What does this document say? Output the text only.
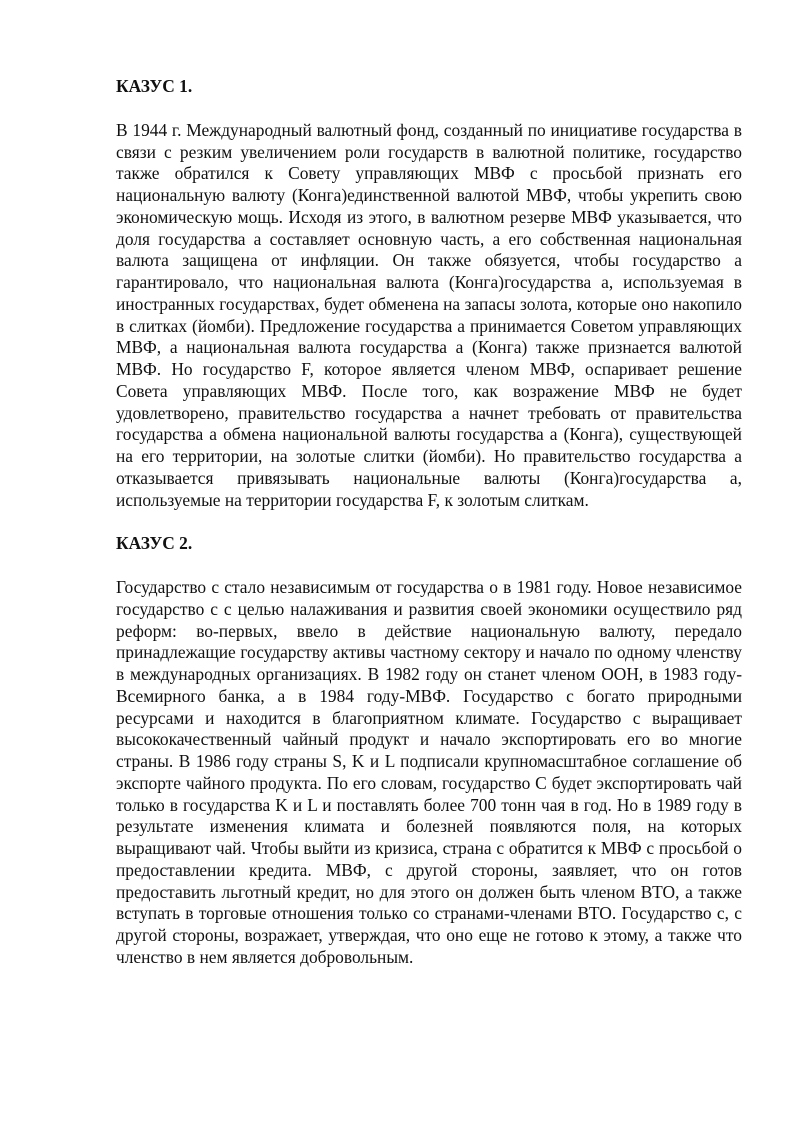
КАЗУС 1.

В 1944 г. Международный валютный фонд, созданный по инициативе государства в связи с резким увеличением роли государств в валютной политике, государство также обратился к Совету управляющих МВФ с просьбой признать его национальную валюту (Конга)единственной валютой МВФ, чтобы укрепить свою экономическую мощь. Исходя из этого, в валютном резерве МВФ указывается, что доля государства а составляет основную часть, а его собственная национальная валюта защищена от инфляции. Он также обязуется, чтобы государство а гарантировало, что национальная валюта (Конга)государства а, используемая в иностранных государствах, будет обменена на запасы золота, которые оно накопило в слитках (йомби). Предложение государства а принимается Советом управляющих МВФ, а национальная валюта государства а (Конга) также признается валютой МВФ. Но государство F, которое является членом МВФ, оспаривает решение Совета управляющих МВФ. После того, как возражение МВФ не будет удовлетворено, правительство государства а начнет требовать от правительства государства а обмена национальной валюты государства а (Конга), существующей на его территории, на золотые слитки (йомби). Но правительство государства а отказывается привязывать национальные валюты (Конга)государства а, используемые на территории государства F, к золотым слиткам.

КАЗУС 2.

Государство с стало независимым от государства о в 1981 году. Новое независимое государство с с целью налаживания и развития своей экономики осуществило ряд реформ: во-первых, ввело в действие национальную валюту, передало принадлежащие государству активы частному сектору и начало по одному членству в международных организациях. В 1982 году он станет членом ООН, в 1983 году-Всемирного банка, а в 1984 году-МВФ. Государство с богато природными ресурсами и находится в благоприятном климате. Государство с выращивает высококачественный чайный продукт и начало экспортировать его во многие страны. В 1986 году страны S, K и L подписали крупномасштабное соглашение об экспорте чайного продукта. По его словам, государство С будет экспортировать чай только в государства K и L и поставлять более 700 тонн чая в год. Но в 1989 году в результате изменения климата и болезней появляются поля, на которых выращивают чай. Чтобы выйти из кризиса, страна с обратится к МВФ с просьбой о предоставлении кредита. МВФ, с другой стороны, заявляет, что он готов предоставить льготный кредит, но для этого он должен быть членом ВТО, а также вступать в торговые отношения только со странами-членами ВТО. Государство с, с другой стороны, возражает, утверждая, что оно еще не готово к этому, а также что членство в нем является добровольным.
